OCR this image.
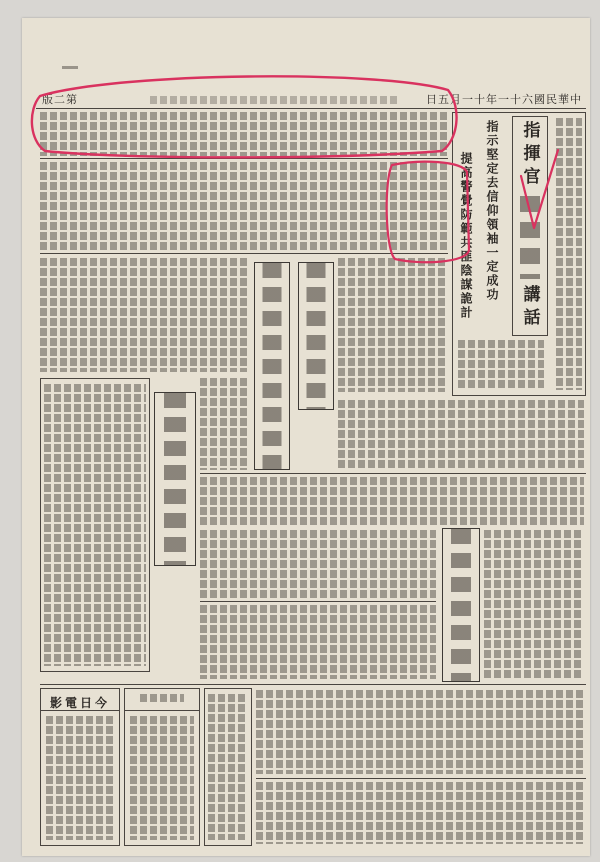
第二版	中華民國六十一年十一月五日
指示堅定去信仰領袖一定成功
提高警覺防範共匪陰謀詭計	指揮官
講話
今日電影
